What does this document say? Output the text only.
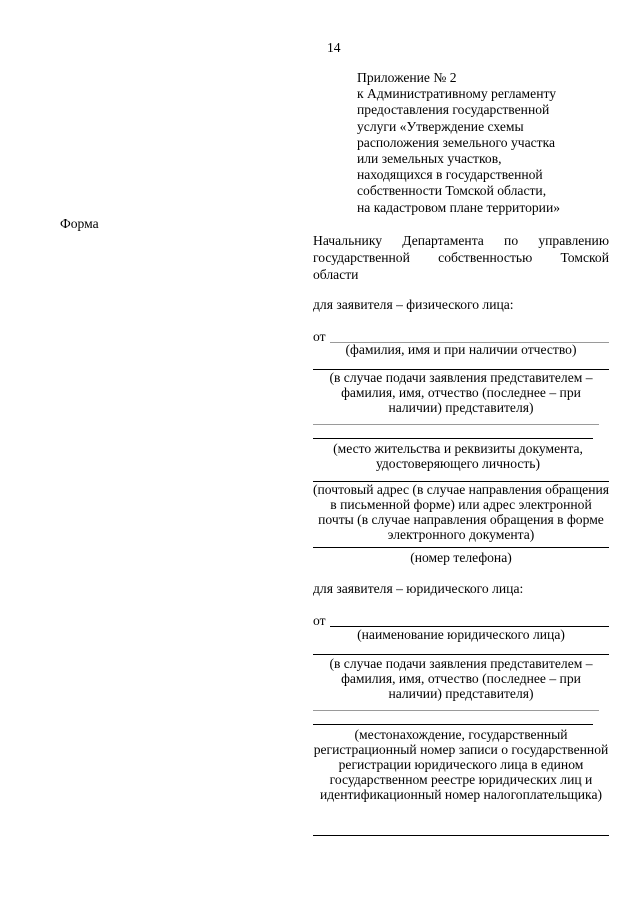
14
Приложение № 2
к Административному регламенту
предоставления государственной
услуги «Утверждение схемы
расположения земельного участка
или земельных участков,
находящихся в государственной
собственности Томской области,
на кадастровом плане территории»
Форма
Начальнику Департамента по управлению
государственной собственностью Томской
области
для заявителя – физического лица:
от
(фамилия, имя и при наличии отчество)
(в случае подачи заявления представителем – фамилия, имя, отчество (последнее – при наличии) представителя)
(место жительства и реквизиты документа, удостоверяющего личность)
(почтовый адрес (в случае направления обращения в письменной форме) или адрес электронной почты (в случае направления обращения в форме электронного документа)
(номер телефона)
для заявителя – юридического лица:
от
(наименование юридического лица)
(в случае подачи заявления представителем – фамилия, имя, отчество (последнее – при наличии) представителя)
(местонахождение, государственный регистрационный номер записи о государственной регистрации юридического лица в едином государственном реестре юридических лиц и идентификационный номер налогоплательщика)
